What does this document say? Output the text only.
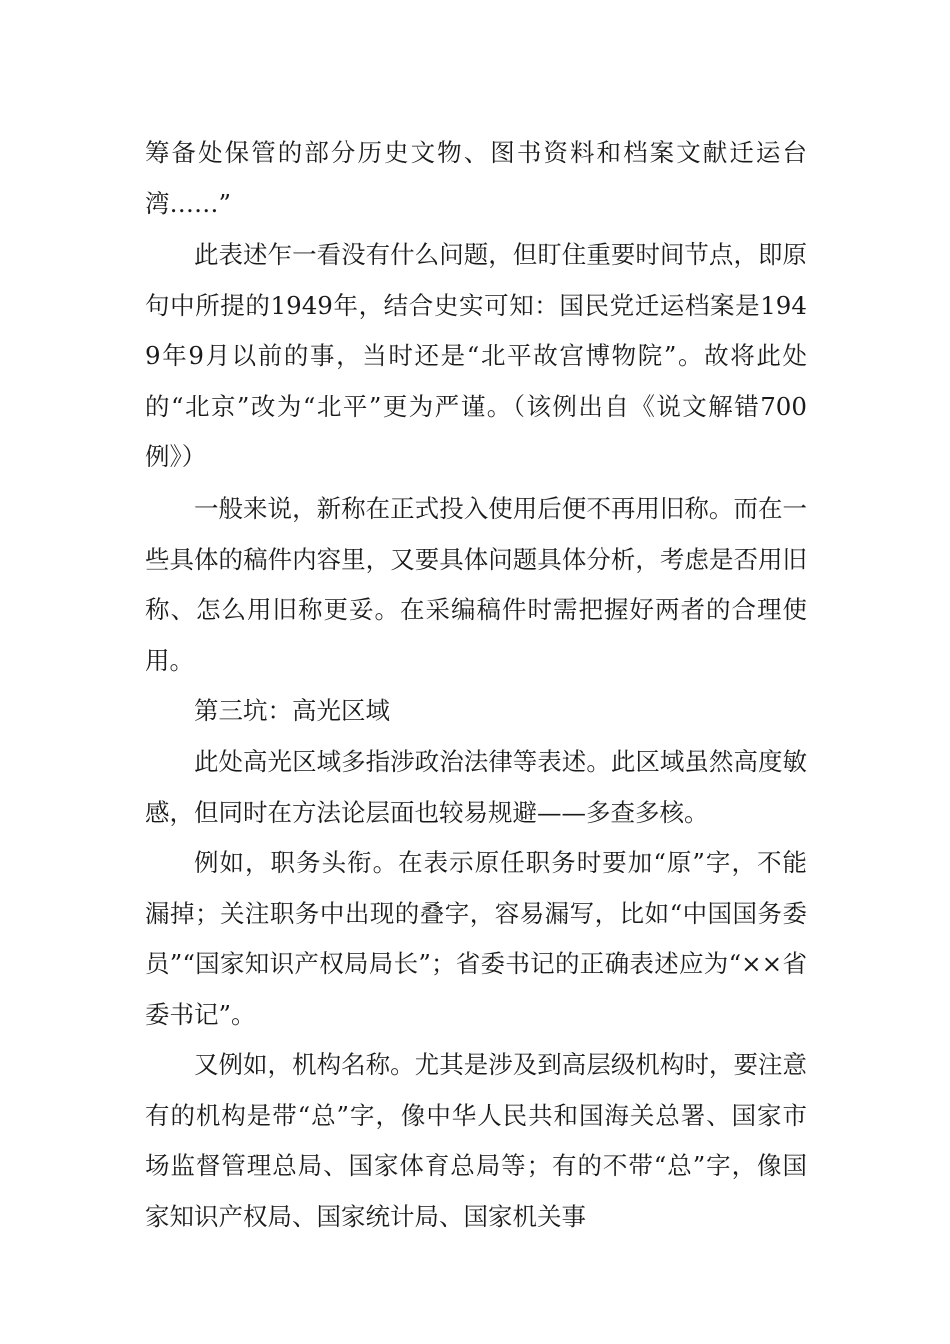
筹备处保管的部分历史文物、图书资料和档案文献迁运台湾……”

此表述乍一看没有什么问题，但盯住重要时间节点，即原句中所提的1949年，结合史实可知：国民党迁运档案是1949年9月以前的事，当时还是“北平故宫博物院”。故将此处的“北京”改为“北平”更为严谨。（该例出自《说文解错700例》）

一般来说，新称在正式投入使用后便不再用旧称。而在一些具体的稿件内容里，又要具体问题具体分析，考虑是否用旧称、怎么用旧称更妥。在采编稿件时需把握好两者的合理使用。

第三坑：高光区域

此处高光区域多指涉政治法律等表述。此区域虽然高度敏感，但同时在方法论层面也较易规避——多查多核。

例如，职务头衔。在表示原任职务时要加“原”字，不能漏掉；关注职务中出现的叠字，容易漏写，比如“中国国务委员”“国家知识产权局局长”；省委书记的正确表述应为“××省委书记”。

又例如，机构名称。尤其是涉及到高层级机构时，要注意有的机构是带“总”字，像中华人民共和国海关总署、国家市场监督管理总局、国家体育总局等；有的不带“总”字，像国家知识产权局、国家统计局、国家机关事
